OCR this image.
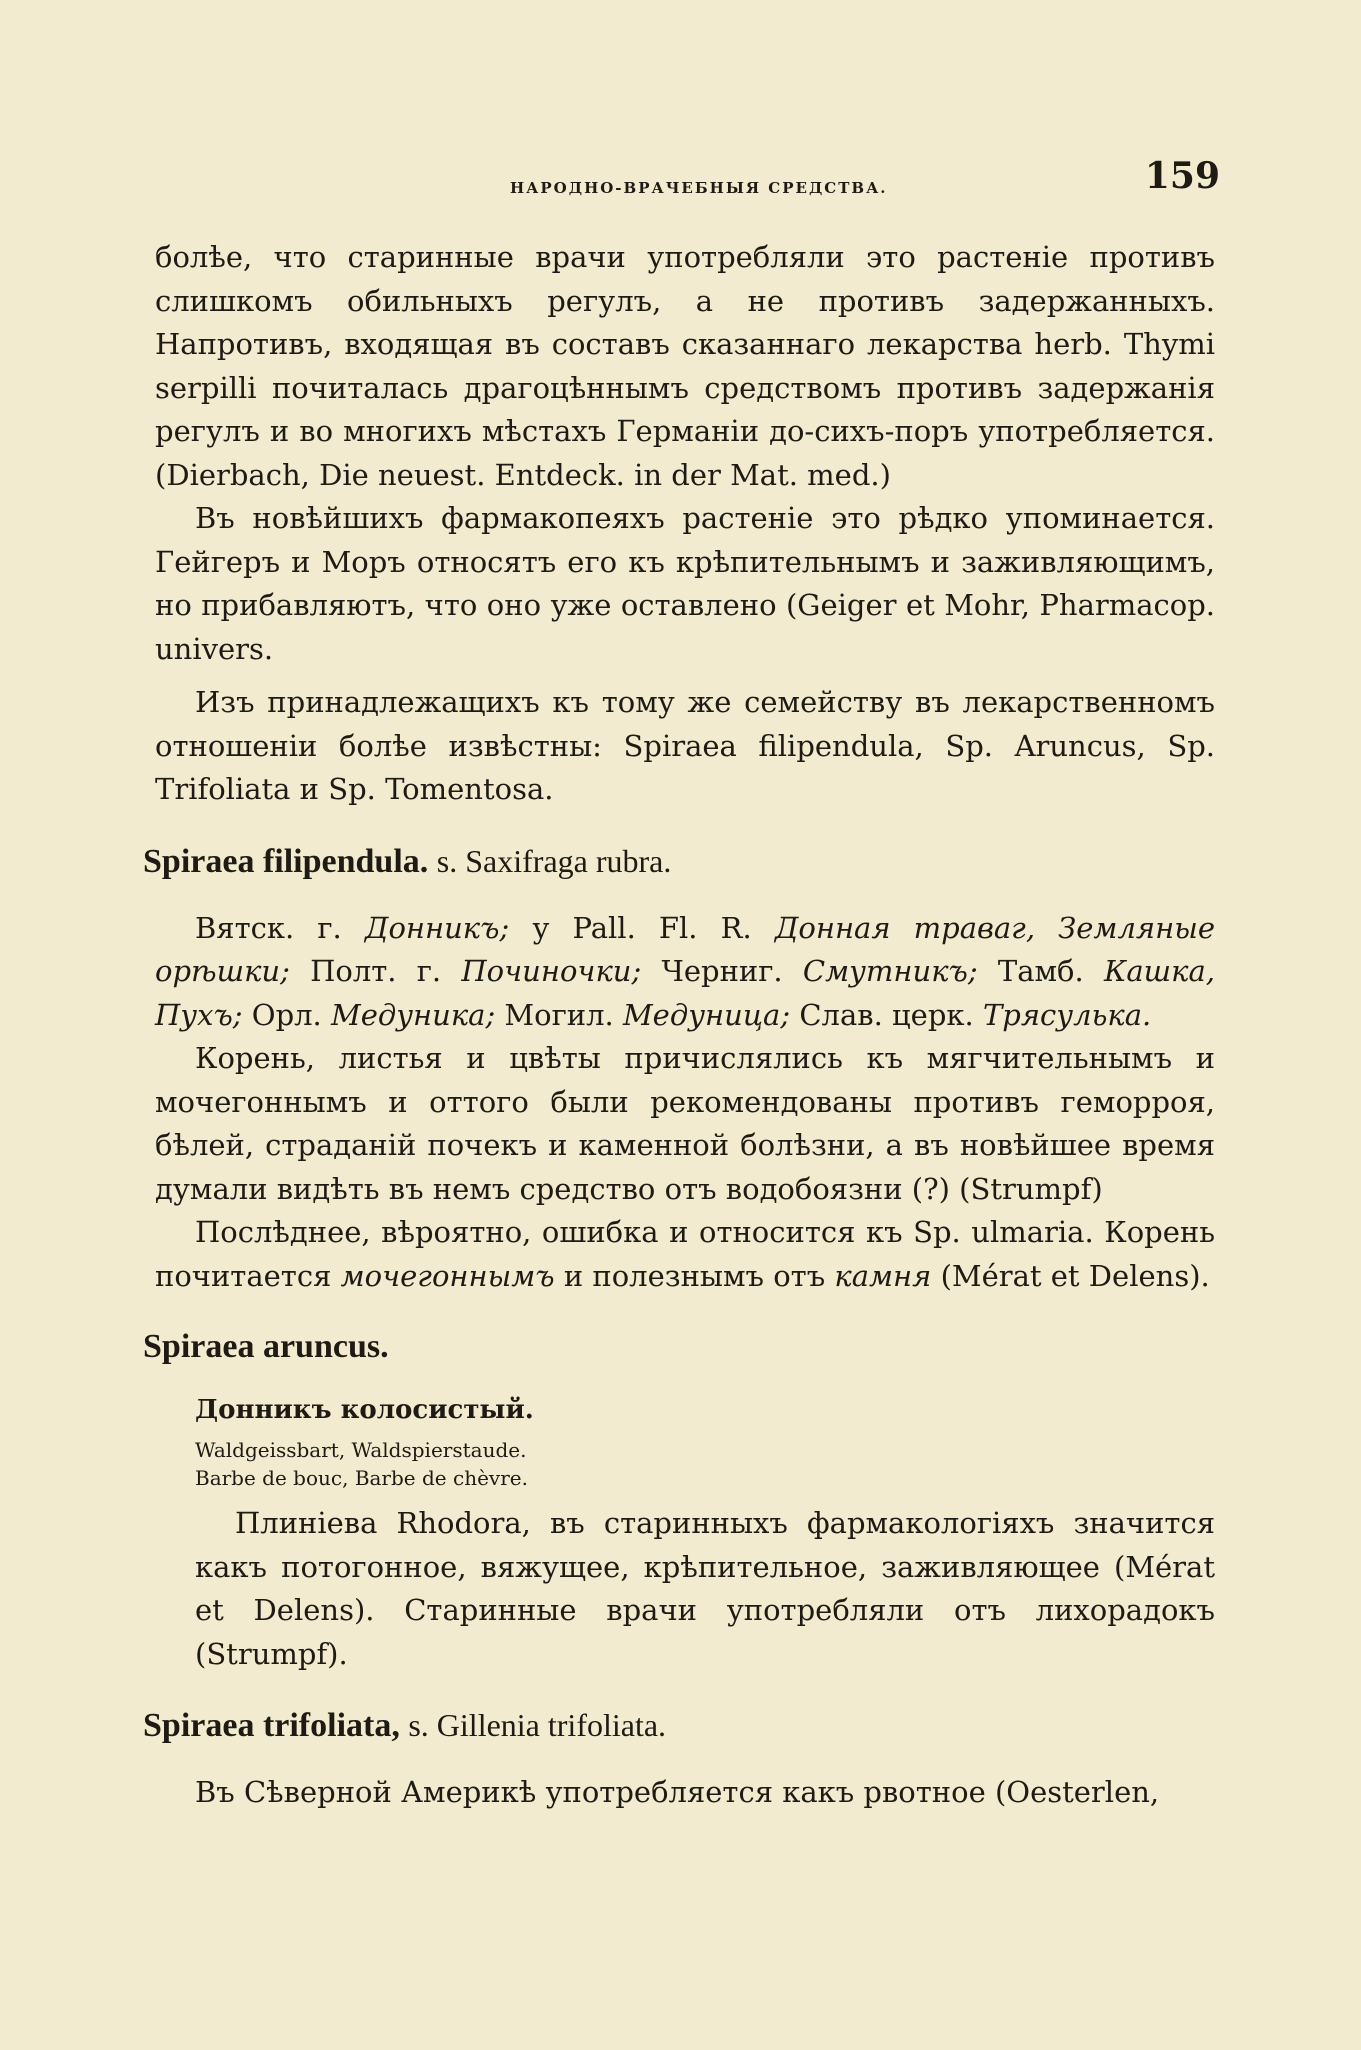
НАРОДНО-ВРАЧЕБНЫЯ СРЕДСТВА.	159

болѣе, что старинные врачи употребляли это растеніе противъ слишкомъ обильныхъ регулъ, а не противъ задержанныхъ. Напротивъ, входящая въ составъ сказаннаго лекарства herb. Thymi serpilli почиталась драгоцѣннымъ средствомъ противъ задержанія регулъ и во многихъ мѣстахъ Германіи до-сихъ-поръ употребляется. (Dierbach, Die neuest. Entdeck. in der Mat. med.)

Въ новѣйшихъ фармакопеяхъ растеніе это рѣдко упоминается. Гейгеръ и Моръ относятъ его къ крѣпительнымъ и заживляющимъ, но прибавляютъ, что оно уже оставлено (Geiger et Mohr, Pharmacop. univers.

Изъ принадлежащихъ къ тому же семейству въ лекарственномъ отношеніи болѣе извѣстны: Spiraea filipendula, Sp. Aruncus, Sp. Trifoliata и Sp. Tomentosa.

Spiraea filipendula. s. Saxifraga rubra.

Вятск. г. Донникъ; у Pall. Fl. R. Донная траваг, Земляные орѣшки; Полт. г. Починочки; Черниг. Смутникъ; Тамб. Кашка, Пухъ; Орл. Медуника; Могил. Медуница; Слав. церк. Трясулька.

Корень, листья и цвѣты причислялись къ мягчительнымъ и мочегоннымъ и оттого были рекомендованы противъ геморроя, бѣлей, страданій почекъ и каменной болѣзни, а въ новѣйшее время думали видѣть въ немъ средство отъ водобоязни (?) (Strumpf)

Послѣднее, вѣроятно, ошибка и относится къ Sp. ulmaria. Корень почитается мочегоннымъ и полезнымъ отъ камня (Mérat et Delens).

Spiraea aruncus.
Донникъ колосистый.

Waldgeissbart, Waldspierstaude.

Barbe de bouc, Barbe de chèvre.

Плиніева Rhodora, въ старинныхъ фармакологіяхъ значится какъ потогонное, вяжущее, крѣпительное, заживляющее (Mérat et Delens). Старинные врачи употребляли отъ лихорадокъ (Strumpf).

Spiraea trifoliata, s. Gillenia trifoliata.

Въ Сѣверной Америкѣ употребляется какъ рвотное (Oesterlen,
